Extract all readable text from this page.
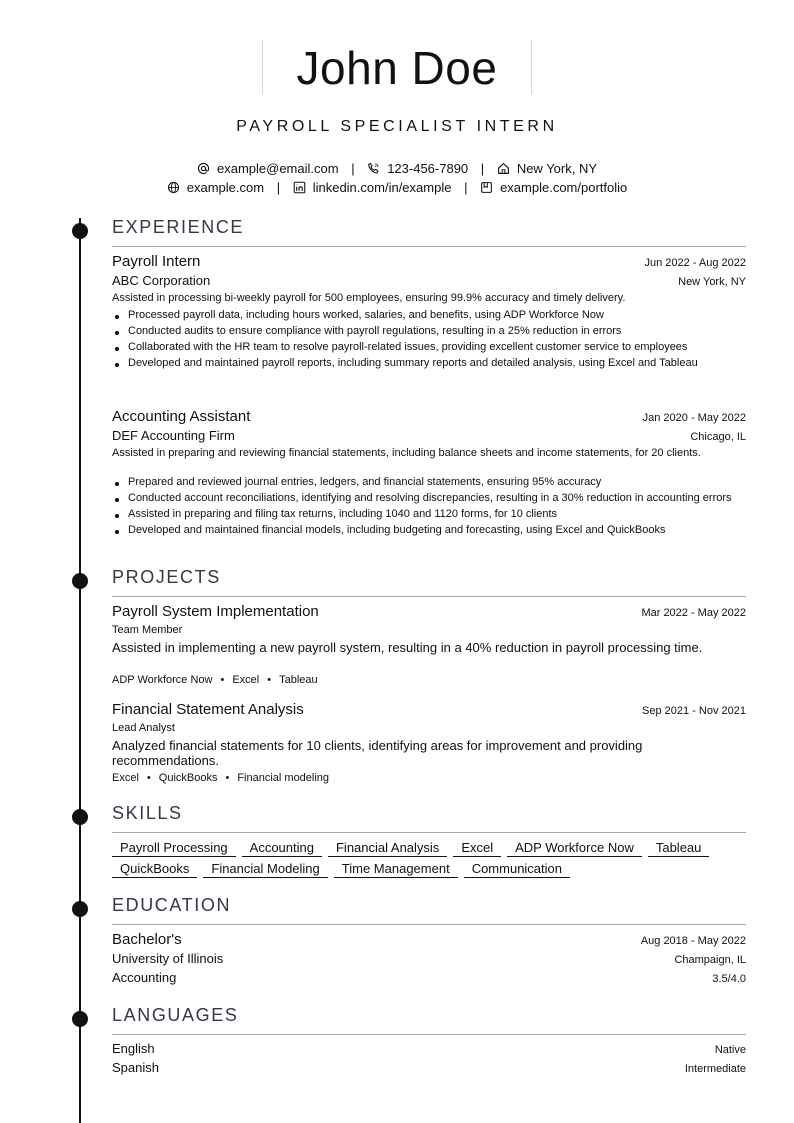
John Doe
PAYROLL SPECIALIST INTERN
example@email.com |	123-456-7890 |	New York, NY
example.com |	linkedin.com/in/example |	example.com/portfolio
EXPERIENCE
Payroll Intern	Jun 2022 - Aug 2022
ABC Corporation	New York, NY
Assisted in processing bi-weekly payroll for 500 employees, ensuring 99.9% accuracy and timely delivery.
Processed payroll data, including hours worked, salaries, and benefits, using ADP Workforce Now
Conducted audits to ensure compliance with payroll regulations, resulting in a 25% reduction in errors
Collaborated with the HR team to resolve payroll-related issues, providing excellent customer service to employees
Developed and maintained payroll reports, including summary reports and detailed analysis, using Excel and Tableau
Accounting Assistant	Jan 2020 - May 2022
DEF Accounting Firm	Chicago, IL
Assisted in preparing and reviewing financial statements, including balance sheets and income statements, for 20 clients.
Prepared and reviewed journal entries, ledgers, and financial statements, ensuring 95% accuracy
Conducted account reconciliations, identifying and resolving discrepancies, resulting in a 30% reduction in accounting errors
Assisted in preparing and filing tax returns, including 1040 and 1120 forms, for 10 clients
Developed and maintained financial models, including budgeting and forecasting, using Excel and QuickBooks
PROJECTS
Payroll System Implementation	Mar 2022 - May 2022
Team Member
Assisted in implementing a new payroll system, resulting in a 40% reduction in payroll processing time.
ADP Workforce Now • Excel • Tableau
Financial Statement Analysis	Sep 2021 - Nov 2021
Lead Analyst
Analyzed financial statements for 10 clients, identifying areas for improvement and providing recommendations.
Excel • QuickBooks • Financial modeling
SKILLS
Payroll Processing	Accounting	Financial Analysis	Excel	ADP Workforce Now	Tableau
QuickBooks	Financial Modeling	Time Management	Communication
EDUCATION
Bachelor's	Aug 2018 - May 2022
University of Illinois	Champaign, IL
Accounting	3.5/4.0
LANGUAGES
English	Native
Spanish	Intermediate
